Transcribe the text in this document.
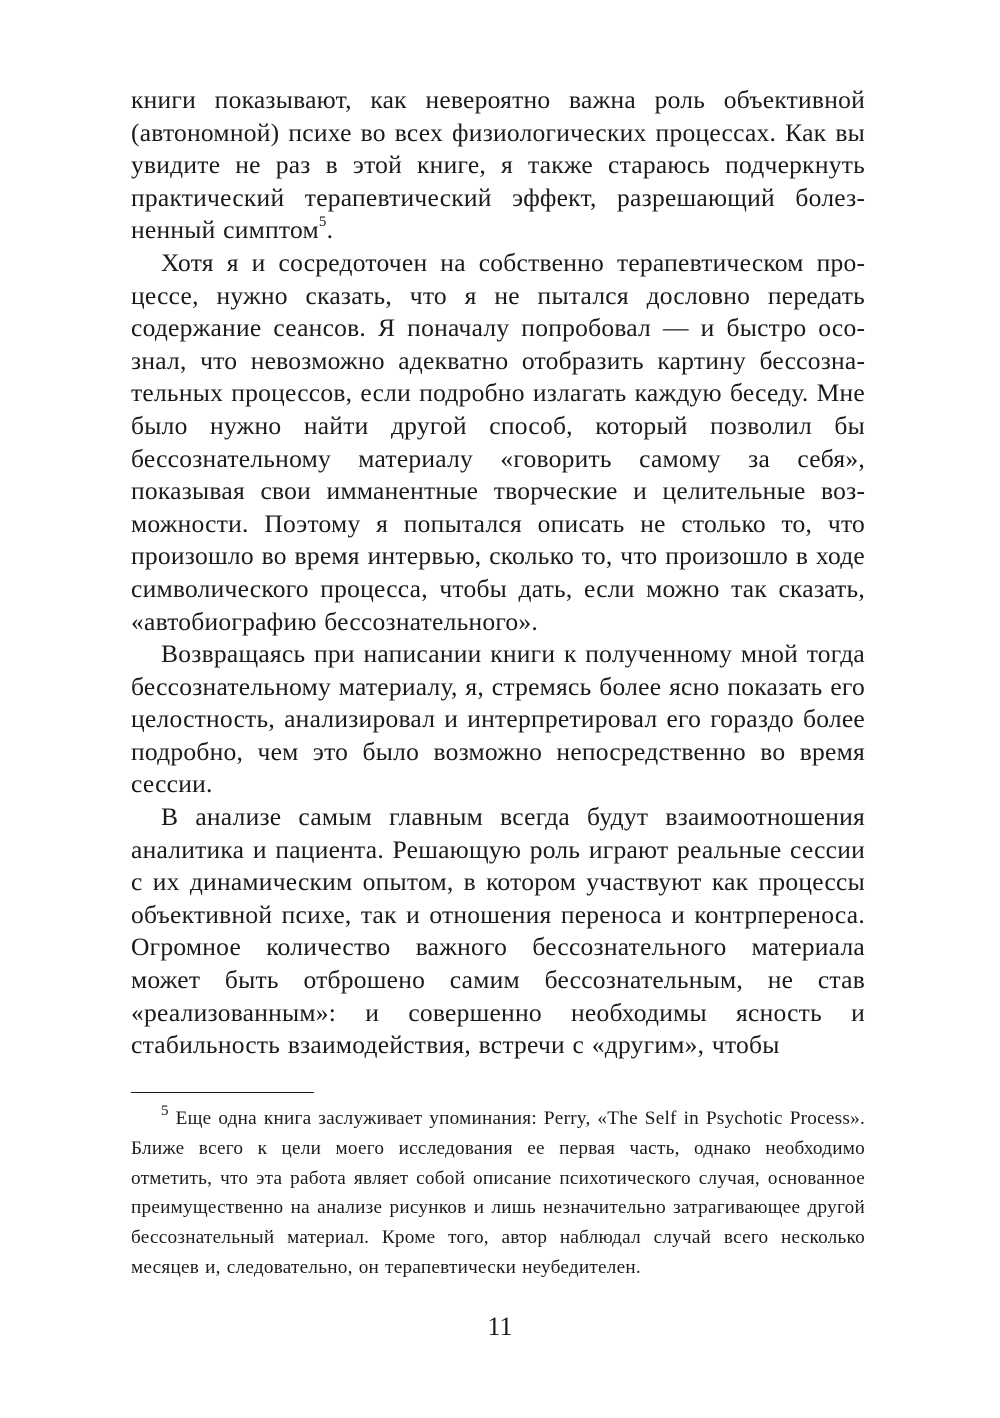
книги показывают, как невероятно важна роль объективной (автономной) психе во всех физиологических процессах. Как вы увидите не раз в этой книге, я также стараюсь подчеркнуть практический терапевтический эффект, разрешающий болезненный симптом$^5$.

Хотя я и сосредоточен на собственно терапевтическом процессе, нужно сказать, что я не пытался дословно передать содержание сеансов. Я поначалу попробовал — и быстро осознал, что невозможно адекватно отобразить картину бессознательных процессов, если подробно излагать каждую беседу. Мне было нужно найти другой способ, который позволил бы бессознательному материалу «говорить самому за себя», показывая свои имманентные творческие и целительные возможности. Поэтому я попытался описать не столько то, что произошло во время интервью, сколько то, что произошло в ходе символического процесса, чтобы дать, если можно так сказать, «автобиографию бессознательного».

Возвращаясь при написании книги к полученному мной тогда бессознательному материалу, я, стремясь более ясно показать его целостность, анализировал и интерпретировал его гораздо более подробно, чем это было возможно непосредственно во время сессии.

В анализе самым главным всегда будут взаимоотношения аналитика и пациента. Решающую роль играют реальные сессии с их динамическим опытом, в котором участвуют как процессы объективной психе, так и отношения переноса и контрпереноса. Огромное количество важного бессознательного материала может быть отброшено самим бессознательным, не став «реализованным»: и совершенно необходимы ясность и стабильность взаимодействия, встречи с «другим», чтобы

$^5$ Еще одна книга заслуживает упоминания: Perry, «The Self in Psychotic Process». Ближе всего к цели моего исследования ее первая часть, однако необходимо отметить, что эта работа являет собой описание психотического случая, основанное преимущественно на анализе рисунков и лишь незначительно затрагивающее другой бессознательный материал. Кроме того, автор наблюдал случай всего несколько месяцев и, следовательно, он терапевтически неубедителен.

11
